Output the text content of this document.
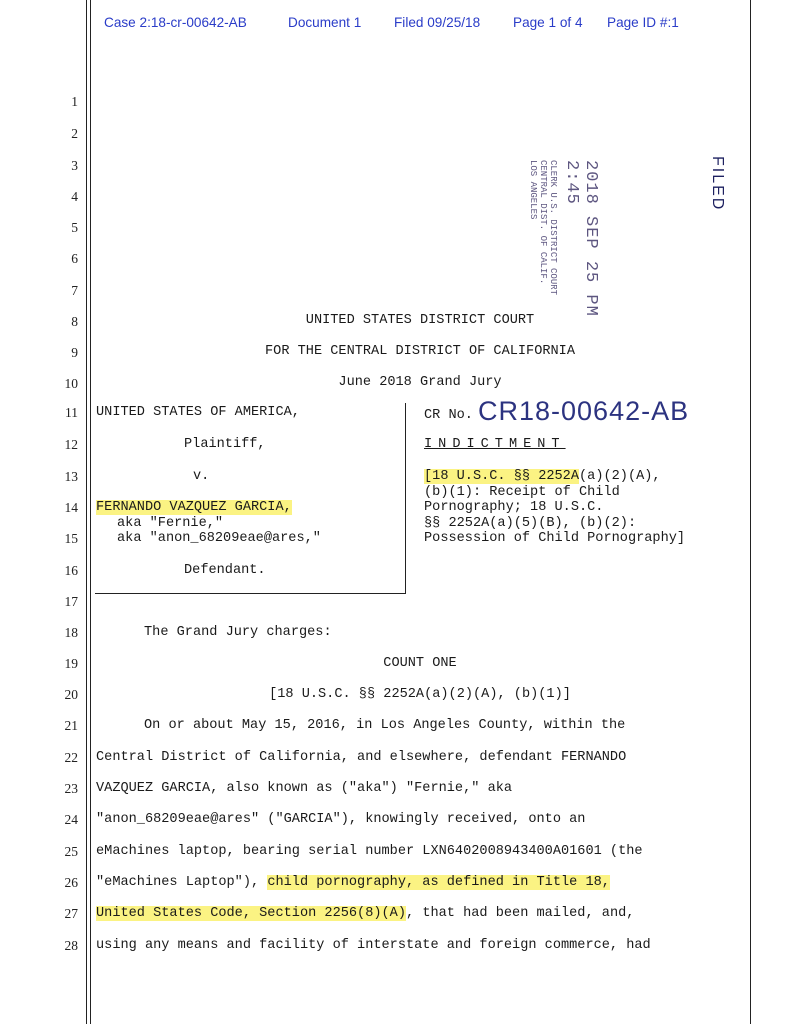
Case 2:18-cr-00642-AB

	Document 1

Filed 09/25/18

Page 1 of 4

Page ID #:1

1
2
3
4
5
6
7
8
9
10
11
12
13
14
15
16
17
18
19
20
21
22
23
24
25
26
27
28
2018 SEP 25 PM 2:45
CLERK U.S. DISTRICT COURT
CENTRAL DIST. OF CALIF.
LOS ANGELES	FILED
UNITED STATES DISTRICT COURT
FOR THE CENTRAL DISTRICT OF CALIFORNIA
June 2018 Grand Jury
UNITED STATES OF AMERICA,
Plaintiff,
v.
FERNANDO VAZQUEZ GARCIA,
aka "Fernie,"
aka "anon_68209eae@ares,"
Defendant.
CR No. CR18-00642-AB
INDICTMENT
[18 U.S.C. §§ 2252A(a)(2)(A),
(b)(1): Receipt of Child
Pornography; 18 U.S.C.
§§ 2252A(a)(5)(B), (b)(2):
Possession of Child Pornography]
The Grand Jury charges:
COUNT ONE
[18 U.S.C. §§ 2252A(a)(2)(A), (b)(1)]
On or about May 15, 2016, in Los Angeles County, within the
Central District of California, and elsewhere, defendant FERNANDO
VAZQUEZ GARCIA, also known as ("aka") "Fernie," aka
"anon_68209eae@ares" ("GARCIA"), knowingly received, onto an
eMachines laptop, bearing serial number LXN6402008943400A01601 (the
"eMachines Laptop"), child pornography, as defined in Title 18,
United States Code, Section 2256(8)(A), that had been mailed, and,
using any means and facility of interstate and foreign commerce, had
